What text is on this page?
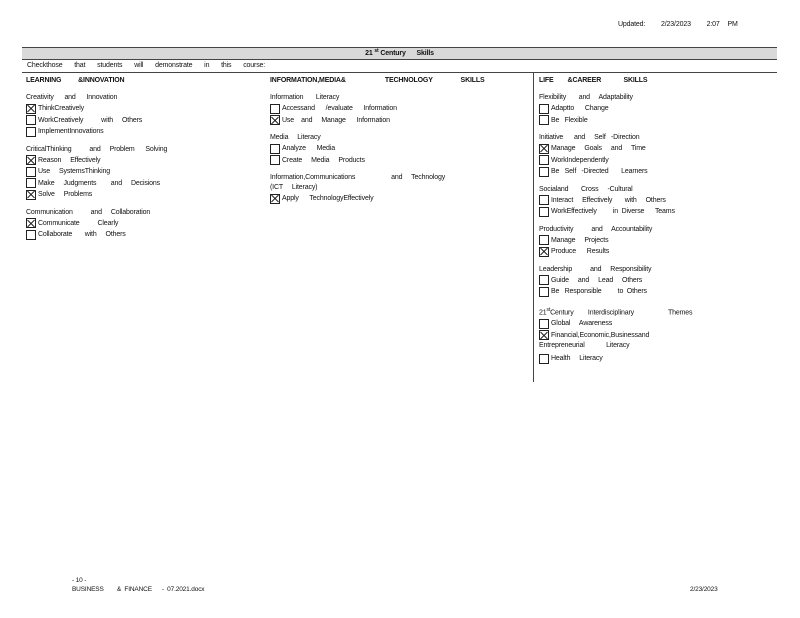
Updated: 2/23/2023 2:07 PM
21 $^{st}$ Century      Skills
Checkthose that students will demonstrate in this course:
LEARNING      &INNOVATION
Creativity      and      Innovation
ThinkCreatively
WorkCreatively          with     Others
ImplementInnovations
CriticalThinking          and     Problem      Solving
Reason     Effectively
Use     SystemsThinking
Make     Judgments        and     Decisions
Solve     Problems
Communication          and     Collaboration
Communicate          Clearly
Collaborate       with     Others
INFORMATION,MEDIA&              TECHNOLOGY          SKILLS
Information       Literacy
Accessand      /evaluate      Information
Use    and     Manage      Information
Media     Literacy
Analyze      Media
Create     Media     Products
Information,Communications                    and     Technology
(ICT     Literacy)
Apply      TechnologyEffectively
LIFE     &CAREER        SKILLS
Flexibility       and     Adaptability
Adaptto      Change
Be   Flexible
Initiative      and     Self   -Direction
Manage     Goals     and     Time
WorkIndependently
Be   Self   -Directed       Learners
Socialand       Cross     -Cultural
Interact     Effectively       with     Others
WorkEffectively         in  Diverse      Teams
Productivity          and     Accountability
Manage     Projects
Produce      Results
Leadership          and     Responsibility
Guide     and     Lead     Others
Be   Responsible         to  Others
21stCentury        Interdisciplinary                   Themes
Global     Awareness
Financial,Economic,Businessand
Entrepreneurial            Literacy
Health     Literacy
- 10 -
BUSINESS        &  FINANCE      -  07.2021.docx	2/23/2023
